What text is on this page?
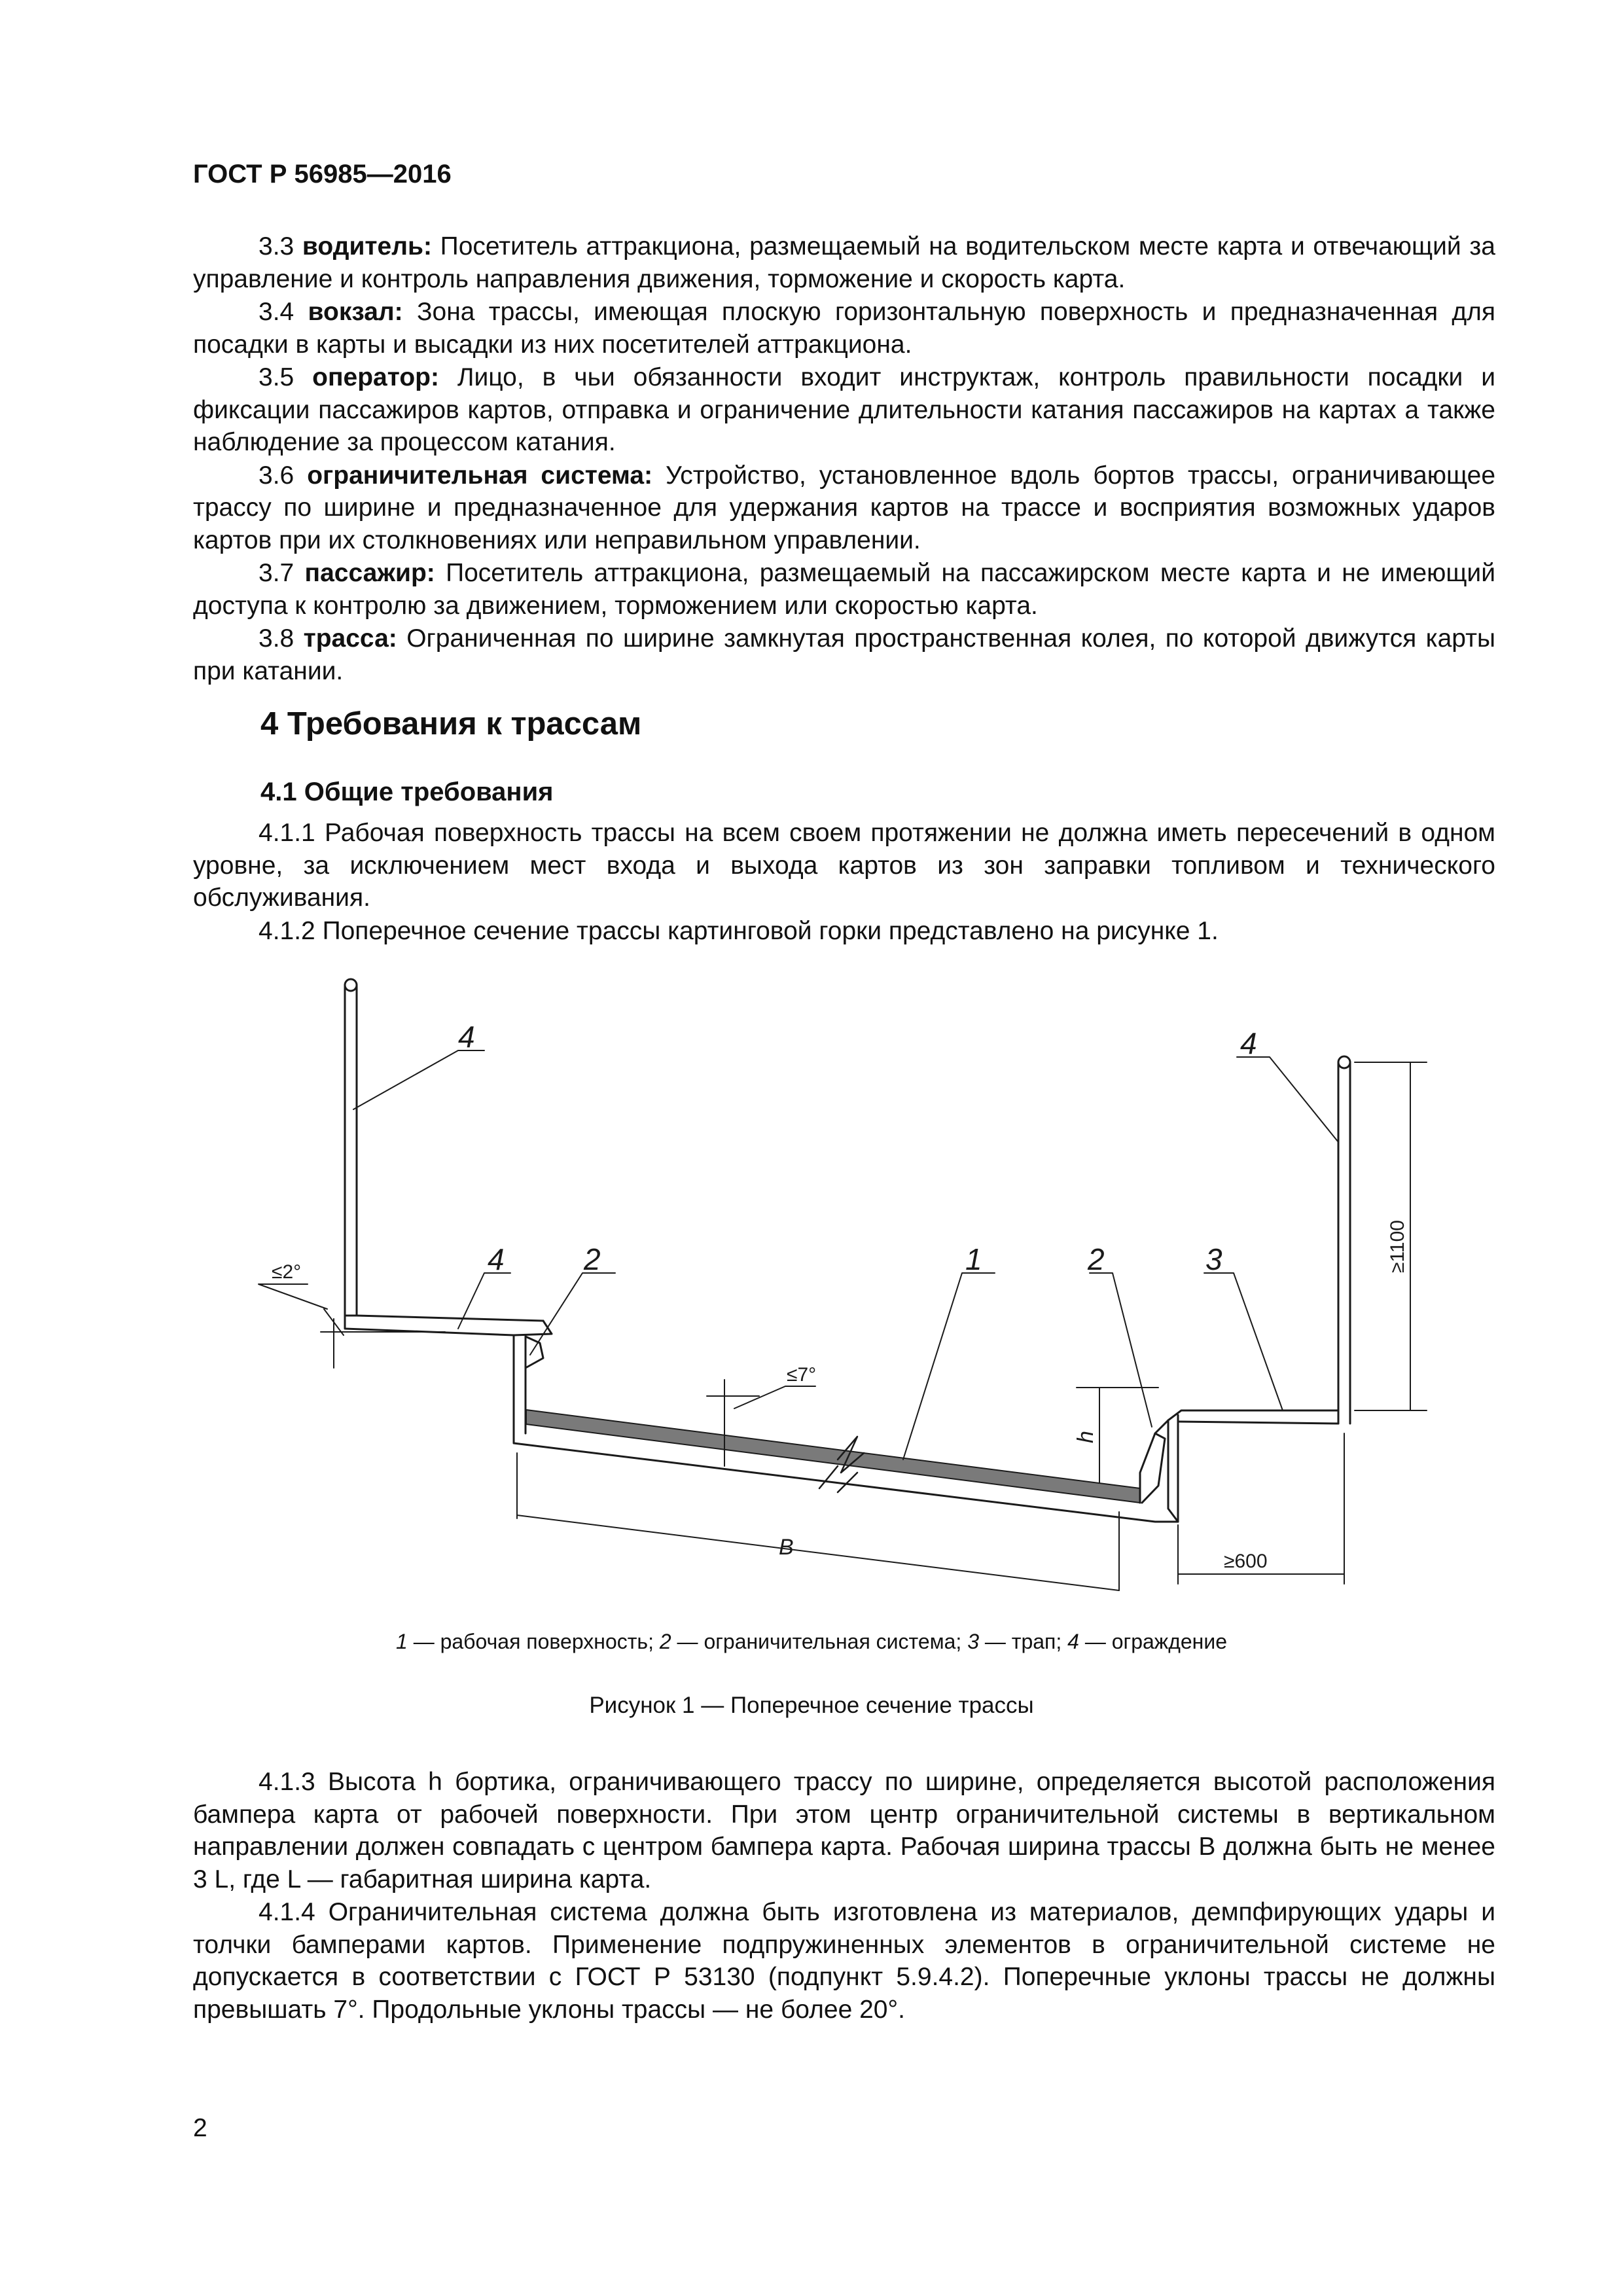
ГОСТ Р 56985—2016

3.3 водитель: Посетитель аттракциона, размещаемый на водительском месте карта и отвечающий за управление и контроль направления движения, торможение и скорость карта.

3.4 вокзал: Зона трассы, имеющая плоскую горизонтальную поверхность и предназначенная для посадки в карты и высадки из них посетителей аттракциона.

3.5 оператор: Лицо, в чьи обязанности входит инструктаж, контроль правильности посадки и фиксации пассажиров картов, отправка и ограничение длительности катания пассажиров на картах а также наблюдение за процессом катания.

3.6 ограничительная система: Устройство, установленное вдоль бортов трассы, ограничивающее трассу по ширине и предназначенное для удержания картов на трассе и восприятия возможных ударов картов при их столкновениях или неправильном управлении.

3.7 пассажир: Посетитель аттракциона, размещаемый на пассажирском месте карта и не имеющий доступа к контролю за движением, торможением или скоростью карта.

3.8 трасса: Ограниченная по ширине замкнутая пространственная колея, по которой движутся карты при катании.

4 Требования к трассам
4.1 Общие требования

4.1.1 Рабочая поверхность трассы на всем своем протяжении не должна иметь пересечений в одном уровне, за исключением мест входа и выхода картов из зон заправки топливом и технического обслуживания.

4.1.2 Поперечное сечение трассы картинговой горки представлено на рисунке 1.

4	4
4	2	1	2	3
≤2°
≤7°
B
≥600
h
≥1100
1 — рабочая поверхность; 2 — ограничительная система; 3 — трап; 4 — ограждение
Рисунок 1 — Поперечное сечение трассы

4.1.3 Высота h бортика, ограничивающего трассу по ширине, определяется высотой расположения бампера карта от рабочей поверхности. При этом центр ограничительной системы в вертикальном направлении должен совпадать с центром бампера карта. Рабочая ширина трассы B должна быть не менее 3 L, где L — габаритная ширина карта.

4.1.4 Ограничительная система должна быть изготовлена из материалов, демпфирующих удары и толчки бамперами картов. Применение подпружиненных элементов в ограничительной системе не допускается в соответствии с ГОСТ Р 53130 (подпункт 5.9.4.2). Поперечные уклоны трассы не должны превышать 7°. Продольные уклоны трассы — не более 20°.

2
